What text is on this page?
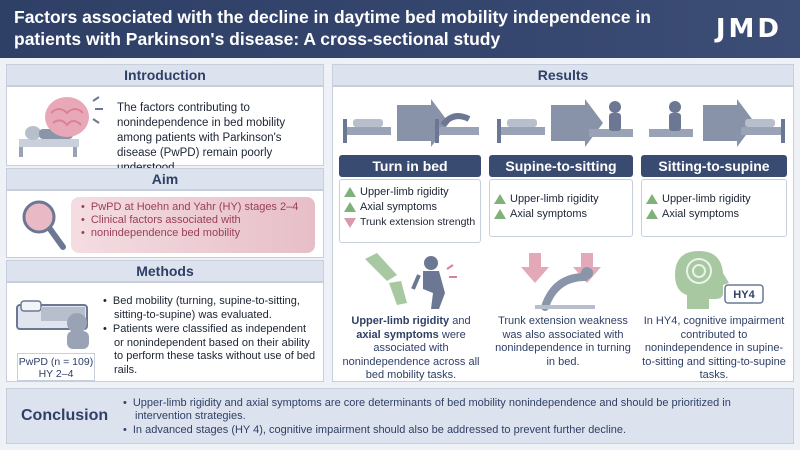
Factors associated with the decline in daytime bed mobility independence in patients with Parkinson's disease: A cross-sectional study	JMD
Introduction
The factors contributing to nonindependence in bed mobility among patients with Parkinson's disease (PwPD) remain poorly
Aim
• PwPD at Hoehn and Yahr (HY) stages 2–4
• Clinical factors associated with
• nonindependence bed mobility
Methods
• Bed mobility (turning, supine-to-sitting, sitting-to-supine) was evaluated.
• Patients were classified as independent or nonindependent based on their ability to perform these tasks without use of bed rails.
PwPD (n = 109)
HY 2–4
Results
Turn in bed	Supine-to-sitting	Sitting-to-supine
Upper-limb rigidity
Axial symptoms
Trunk extension strength
Upper-limb rigidity
Axial symptoms
Upper-limb rigidity
Axial symptoms
HY4
Upper-limb rigidity and axial symptoms were associated with nonindependence across all bed mobility tasks.
Trunk extension weakness was also associated with nonindependence in turning in bed.
In HY4, cognitive impairment contributed to nonindependence in supine-to-sitting and sitting-to-supine tasks.
Conclusion
• Upper-limb rigidity and axial symptoms are core determinants of bed mobility nonindependence and should be prioritized in intervention strategies.
• In advanced stages (HY 4), cognitive impairment should also be addressed to prevent further decline.
